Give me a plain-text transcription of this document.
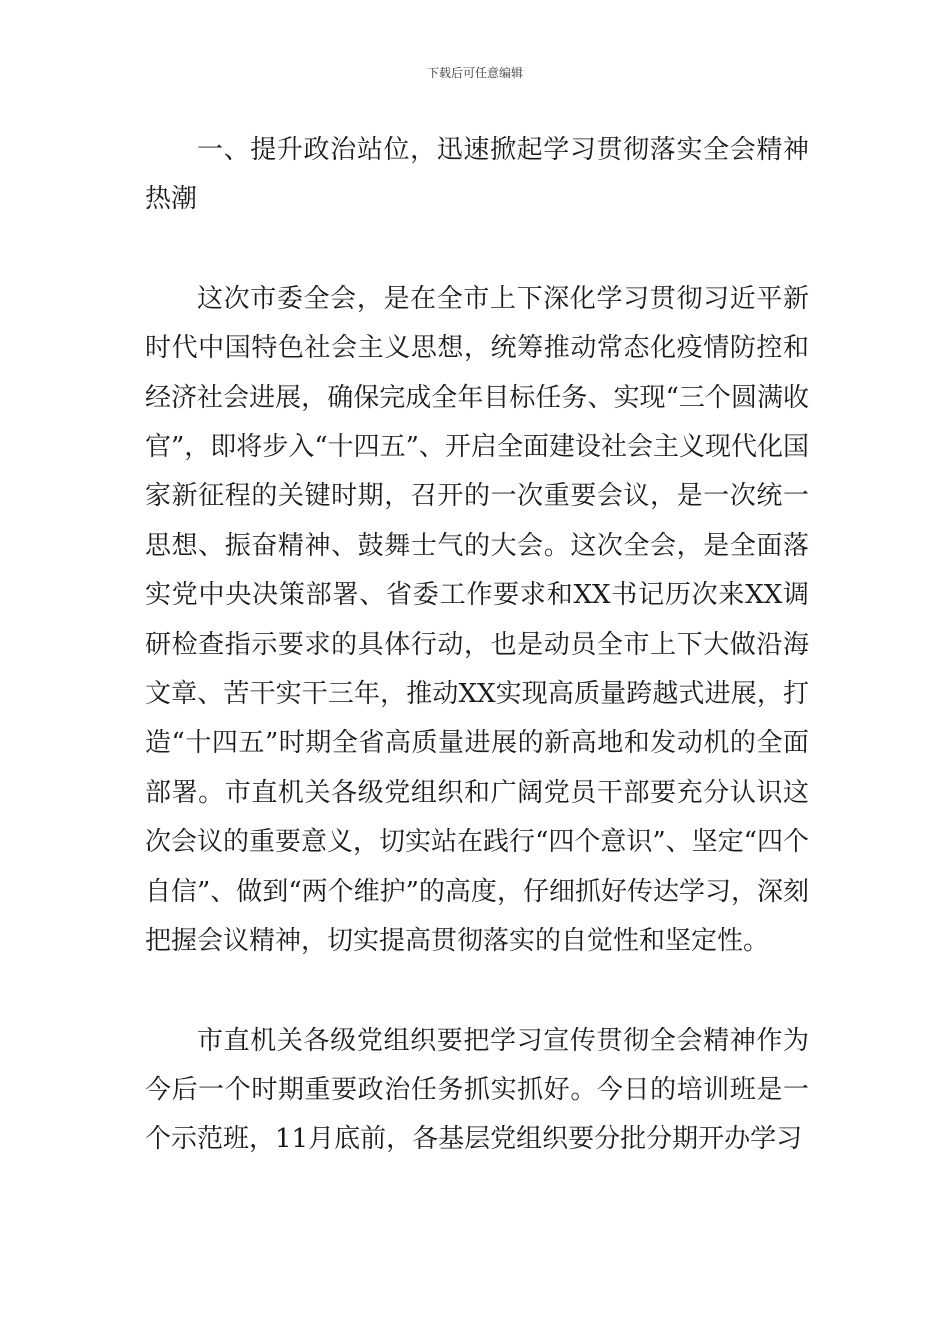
下载后可任意编辑

一、提升政治站位，迅速掀起学习贯彻落实全会精神热潮

这次市委全会，是在全市上下深化学习贯彻习近平新时代中国特色社会主义思想，统筹推动常态化疫情防控和经济社会进展，确保完成全年目标任务、实现“三个圆满收官”，即将步入“十四五”、开启全面建设社会主义现代化国家新征程的关键时期，召开的一次重要会议，是一次统一思想、振奋精神、鼓舞士气的大会。这次全会，是全面落实党中央决策部署、省委工作要求和XX书记历次来XX调研检查指示要求的具体行动，也是动员全市上下大做沿海文章、苦干实干三年，推动XX实现高质量跨越式进展，打造“十四五”时期全省高质量进展的新高地和发动机的全面部署。市直机关各级党组织和广阔党员干部要充分认识这次会议的重要意义，切实站在践行“四个意识”、坚定“四个自信”、做到“两个维护”的高度，仔细抓好传达学习，深刻把握会议精神，切实提高贯彻落实的自觉性和坚定性。

市直机关各级党组织要把学习宣传贯彻全会精神作为今后一个时期重要政治任务抓实抓好。今日的培训班是一个示范班，11月底前，各基层党组织要分批分期开办学习
